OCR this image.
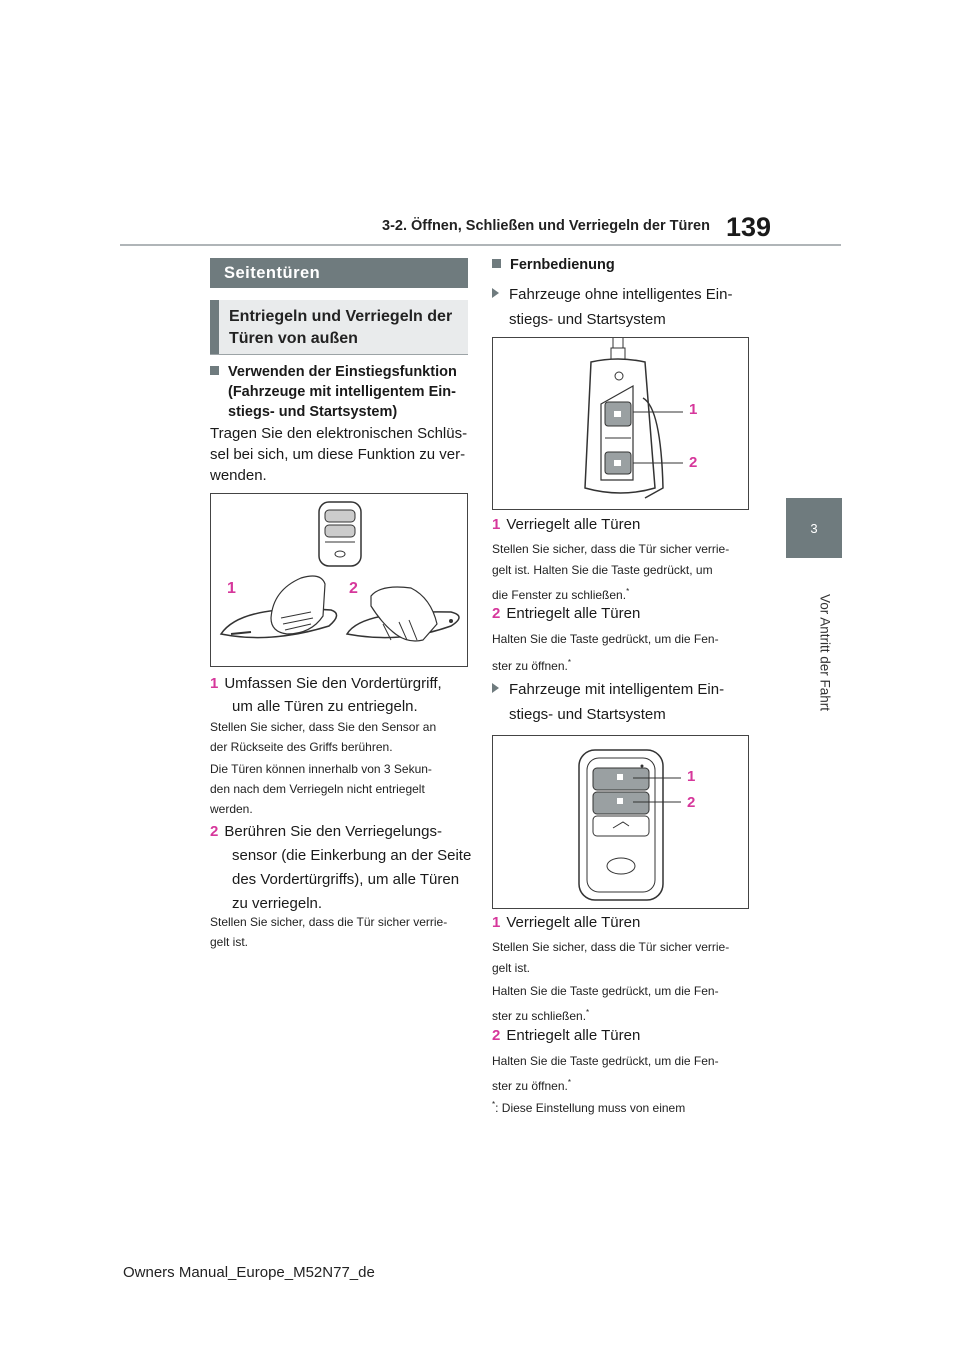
3-2. Öffnen, Schließen und Verriegeln der Türen 139
3
Vor Antritt der Fahrt
Seitentüren
Entriegeln und Verriegeln der Türen von außen
Verwenden der Einstiegsfunktion
(Fahrzeuge mit intelligentem Ein-
stiegs- und Startsystem)
Tragen Sie den elektronischen Schlüs-
sel bei sich, um diese Funktion zu ver-
wenden.
1	2
1 Umfassen Sie den Vordertürgriff,
um alle Türen zu entriegeln.
Stellen Sie sicher, dass Sie den Sensor an
der Rückseite des Griffs berühren.
Die Türen können innerhalb von 3 Sekun-
den nach dem Verriegeln nicht entriegelt
werden.
2 Berühren Sie den Verriegelungs-
sensor (die Einkerbung an der Seite
des Vordertürgriffs), um alle Türen
zu verriegeln.
Stellen Sie sicher, dass die Tür sicher verrie-
gelt ist.
Fernbedienung
Fahrzeuge ohne intelligentes Ein-
stiegs- und Startsystem
1
2
1 Verriegelt alle Türen
Stellen Sie sicher, dass die Tür sicher verrie-
gelt ist. Halten Sie die Taste gedrückt, um
die Fenster zu schließen.*
2 Entriegelt alle Türen
Halten Sie die Taste gedrückt, um die Fen-
ster zu öffnen.*
Fahrzeuge mit intelligentem Ein-
stiegs- und Startsystem
1
2
1 Verriegelt alle Türen
Stellen Sie sicher, dass die Tür sicher verrie-
gelt ist.
Halten Sie die Taste gedrückt, um die Fen-
ster zu schließen.*
2 Entriegelt alle Türen
Halten Sie die Taste gedrückt, um die Fen-
ster zu öffnen.*
*: Diese Einstellung muss von einem
Owners Manual_Europe_M52N77_de
